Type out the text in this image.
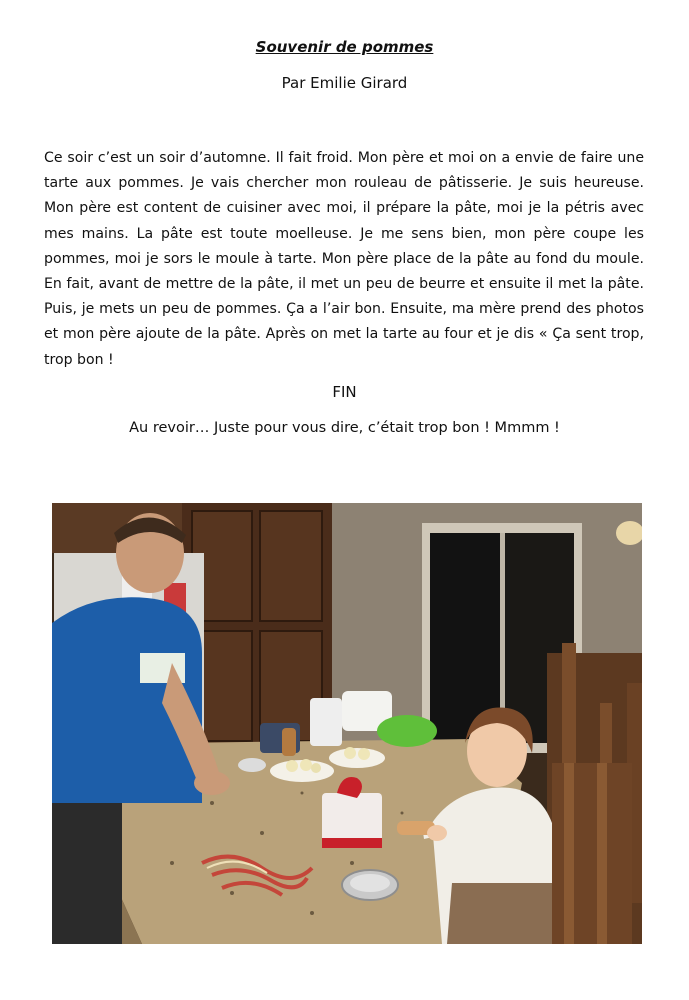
Souvenir de pommes
Par Emilie Girard

Ce soir c’est un soir d’automne. Il fait froid. Mon père et moi on a envie de faire une tarte aux pommes. Je vais chercher mon rouleau de pâtisserie. Je suis heureuse. Mon père est content de cuisiner avec moi, il prépare la pâte, moi je la pétris avec mes mains. La pâte est toute moelleuse. Je me sens bien, mon père coupe les pommes, moi je sors le moule à tarte. Mon père place de la pâte au fond du moule. En fait, avant de mettre de la pâte, il met un peu de beurre et ensuite il met la pâte. Puis, je mets un peu de pommes. Ça a l’air bon. Ensuite, ma mère prend des photos et mon père ajoute de la pâte. Après on met la tarte au four et je dis « Ça sent trop, trop bon !

FIN
Au revoir… Juste pour vous dire, c’était trop bon ! Mmmm !
